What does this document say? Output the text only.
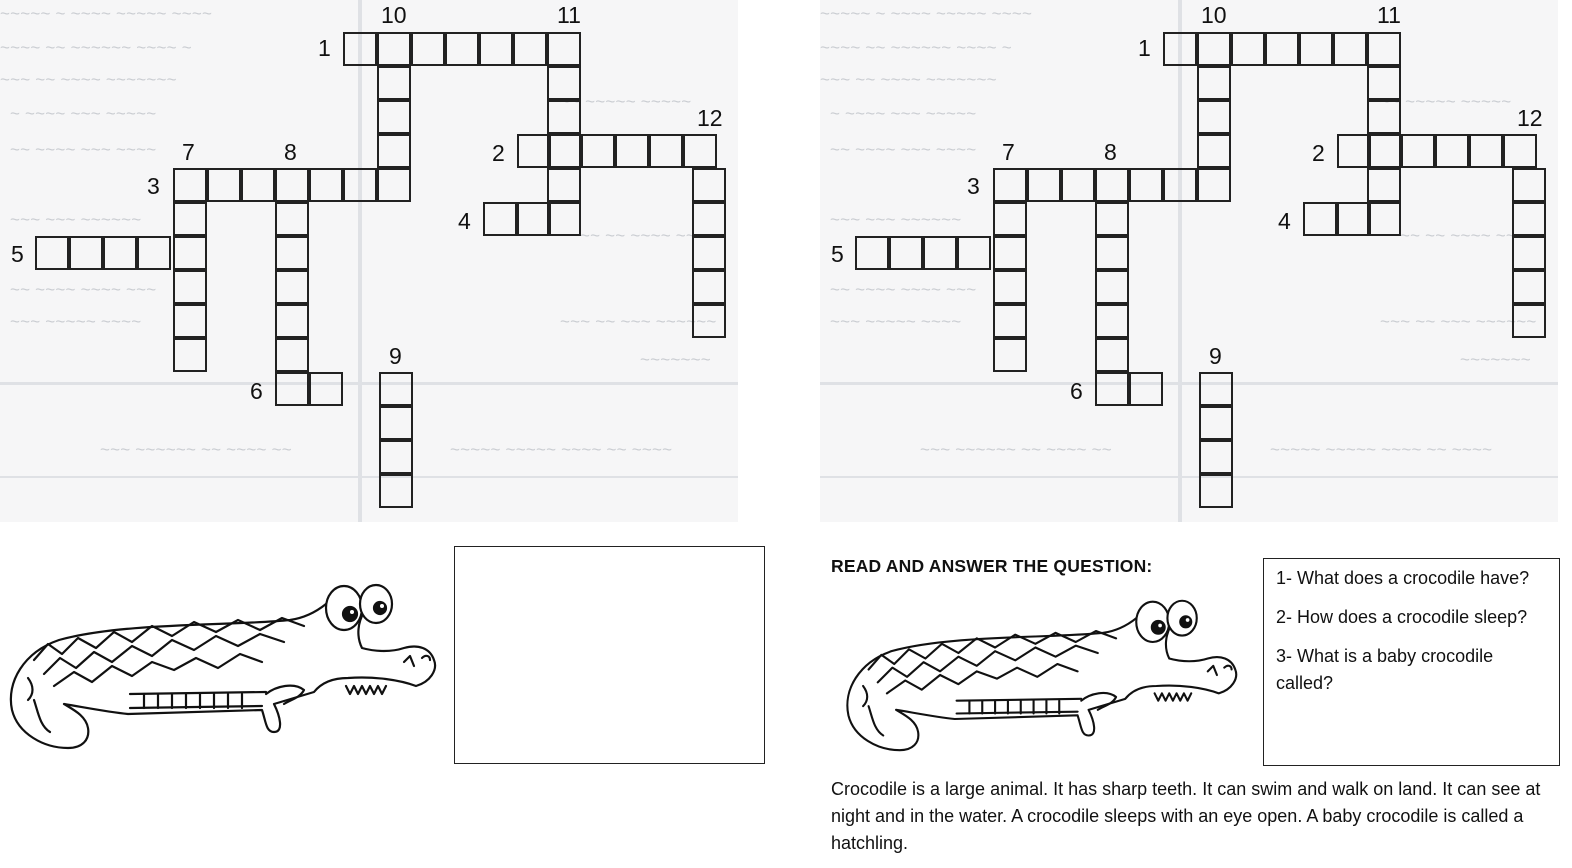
~~~~~ ~ ~~~~ ~~~~~ ~~~~
~~~~ ~~ ~~~~~~ ~~~~ ~
~~~ ~~ ~~~~ ~~~~~~~
~ ~~~~ ~~~ ~~~~~
~~ ~~~~ ~~~ ~~~~
~~~ ~~~ ~~~~~~
~~ ~~~~ ~~~~ ~~~
~~~ ~~~~~ ~~~~
~~~ ~~~~~~ ~~ ~~~~ ~~	~~~~~ ~~~~~ ~~~~ ~~ ~~~~
~~ ~~~~~ ~~~~~
~~ ~~ ~~~~ ~~~
~~~ ~~ ~~~ ~~~~~~
~~~~~~~
1
2
3
4
5
6
7	8
9
10	11
12
~~~~~ ~ ~~~~ ~~~~~ ~~~~
~~~~ ~~ ~~~~~~ ~~~~ ~
~~~ ~~ ~~~~ ~~~~~~~
~ ~~~~ ~~~ ~~~~~
~~ ~~~~ ~~~ ~~~~
~~~ ~~~ ~~~~~~
~~ ~~~~ ~~~~ ~~~
~~~ ~~~~~ ~~~~
~~~ ~~~~~~ ~~ ~~~~ ~~	~~~~~ ~~~~~ ~~~~ ~~ ~~~~
~~ ~~~~~ ~~~~~
~~ ~~ ~~~~ ~~~
~~~ ~~ ~~~ ~~~~~~
~~~~~~~
1
2
3
4
5
6
7	8
9
10	11
12
READ AND ANSWER THE QUESTION:

1- What does a crocodile have?

2- How does a crocodile sleep?

3- What is a baby crocodile called?

Crocodile is a large animal. It has sharp teeth. It can swim and walk on land. It can see at night and in the water. A crocodile sleeps with an eye open. A baby crocodile is called a hatchling.
